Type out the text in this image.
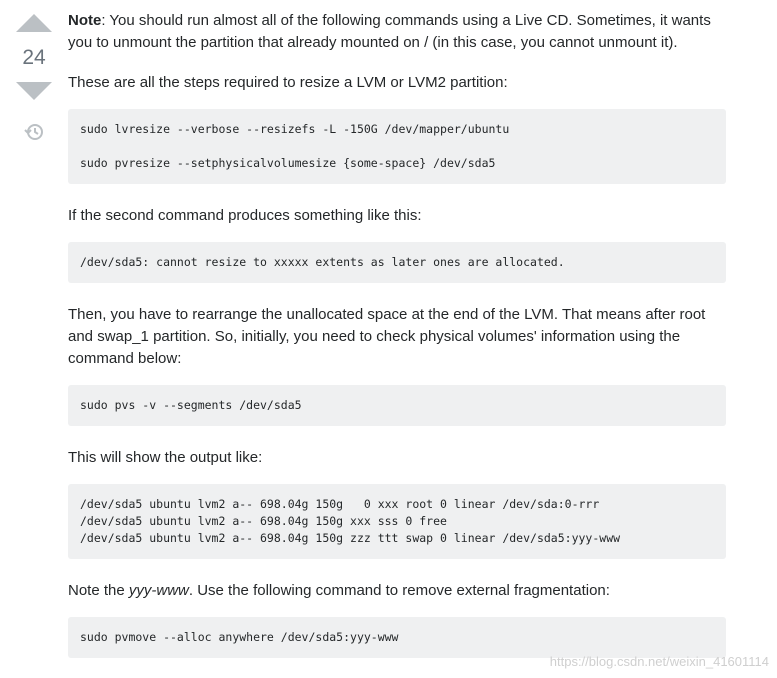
24

Note: You should run almost all of the following commands using a Live CD. Sometimes, it wants you to unmount the partition that already mounted on / (in this case, you cannot unmount it).

These are all the steps required to resize a LVM or LVM2 partition:

sudo lvresize --verbose --resizefs -L -150G /dev/mapper/ubuntu

sudo pvresize --setphysicalvolumesize {some-space} /dev/sda5

If the second command produces something like this:

/dev/sda5: cannot resize to xxxxx extents as later ones are allocated.

Then, you have to rearrange the unallocated space at the end of the LVM. That means after root and swap_1 partition. So, initially, you need to check physical volumes' information using the command below:

sudo pvs -v --segments /dev/sda5

This will show the output like:

/dev/sda5 ubuntu lvm2 a-- 698.04g 150g   0 xxx root 0 linear /dev/sda:0-rrr
/dev/sda5 ubuntu lvm2 a-- 698.04g 150g xxx sss 0 free
/dev/sda5 ubuntu lvm2 a-- 698.04g 150g zzz ttt swap 0 linear /dev/sda5:yyy-www

Note the yyy-www. Use the following command to remove external fragmentation:

sudo pvmove --alloc anywhere /dev/sda5:yyy-www
https://blog.csdn.net/weixin_41601114
